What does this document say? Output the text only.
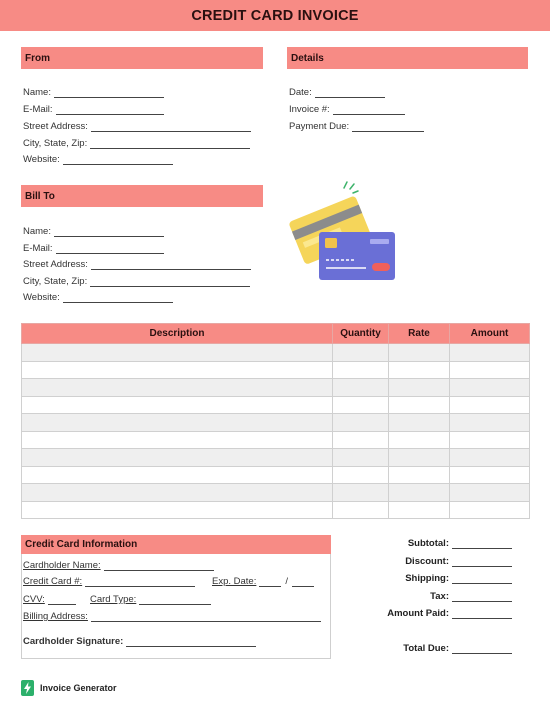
CREDIT CARD INVOICE
From
Name:
E-Mail:
Street Address:
City, State, Zip:
Website:
Details
Date:
Invoice #:
Payment Due:
Bill To
Name:
E-Mail:
Street Address:
City, State, Zip:
Website:
Description	Quantity	Rate	Amount

Credit Card Information
Cardholder Name:
Credit Card #:	Exp. Date:	/
CVV:	Card Type:
Billing Address:
Cardholder Signature:
Subtotal:
Discount:
Shipping:
Tax:
Amount Paid:
Total Due:
Invoice Generator
